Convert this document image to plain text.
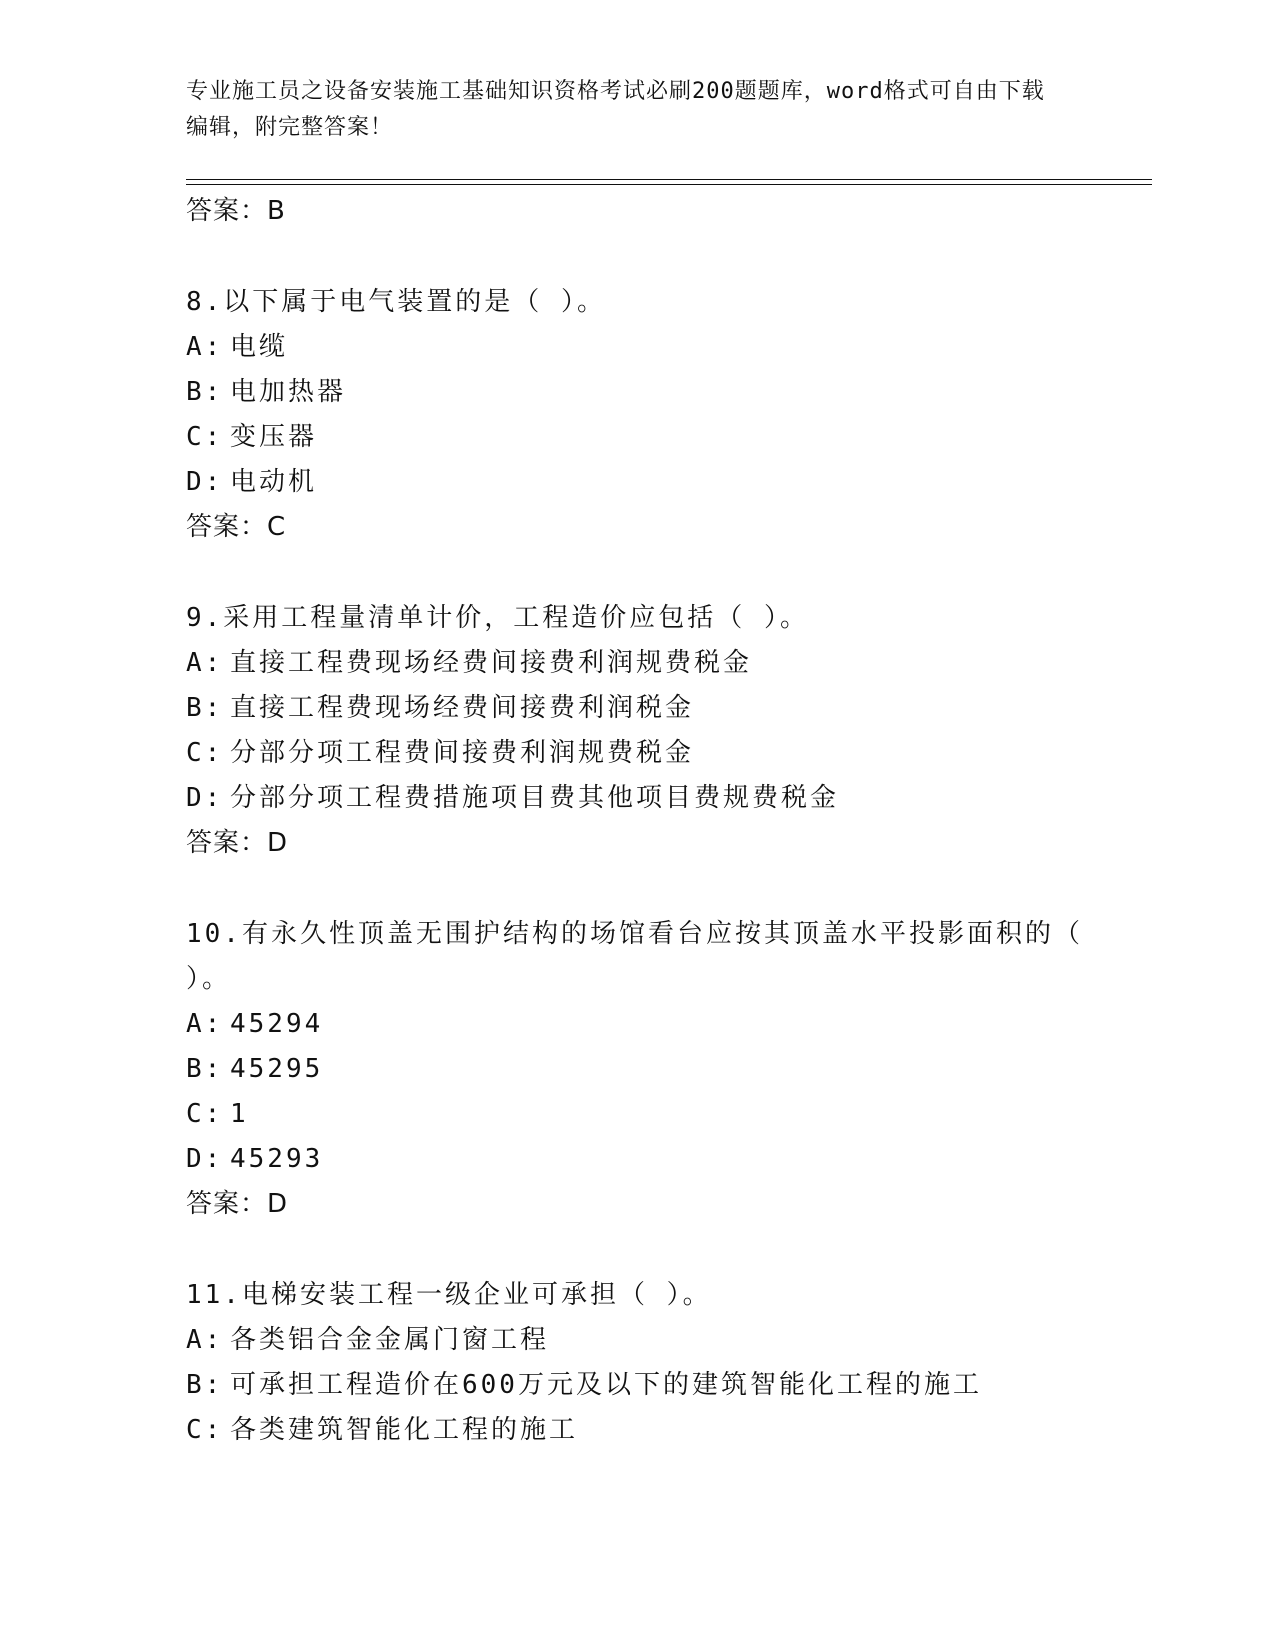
专业施工员之设备安装施工基础知识资格考试必刷200题题库，word格式可自由下载编辑，附完整答案！
答案：B
8.以下属于电气装置的是（ ）。
A: 电缆
B: 电加热器
C: 变压器
D: 电动机
答案：C
9.采用工程量清单计价，工程造价应包括（ ）。
A: 直接工程费现场经费间接费利润规费税金
B: 直接工程费现场经费间接费利润税金
C: 分部分项工程费间接费利润规费税金
D: 分部分项工程费措施项目费其他项目费规费税金
答案：D
10.有永久性顶盖无围护结构的场馆看台应按其顶盖水平投影面积的（ ）。
A: 45294
B: 45295
C: 1
D: 45293
答案：D
11.电梯安装工程一级企业可承担（ ）。
A: 各类铝合金金属门窗工程
B: 可承担工程造价在600万元及以下的建筑智能化工程的施工
C: 各类建筑智能化工程的施工
